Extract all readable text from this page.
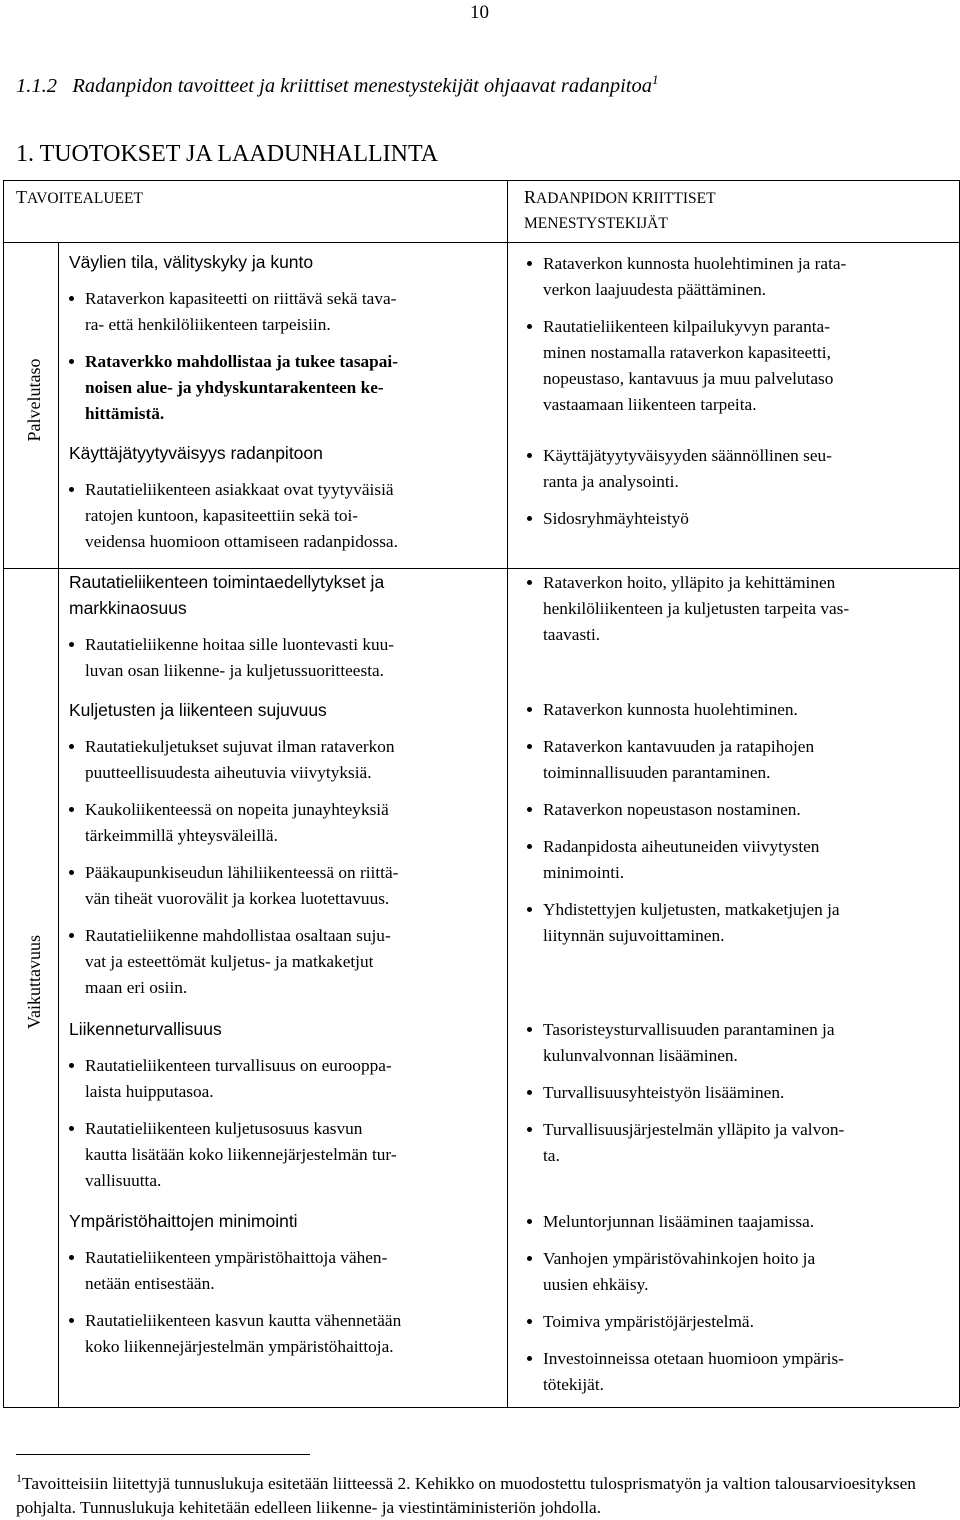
10
1.1.2 Radanpidon tavoitteet ja kriittiset menestystekijät ohjaavat radanpitoa$^1$
1. TUOTOKSET JA LAADUNHALLINTA
TAVOITEALUEET	RADANPIDON KRIITTISET
MENESTYSTEKIJÄT
Palvelutaso
Vaikuttavuus
Väylien tila, välityskyky ja kunto
Rataverkon kapasiteetti on riittävä sekä tava-
ra- että henkilöliikenteen tarpeisiin.
Rataverkko mahdollistaa ja tukee tasapai-
noisen alue- ja yhdyskuntarakenteen ke-
hittämistä.
Käyttäjätyytyväisyys radanpitoon
Rautatieliikenteen asiakkaat ovat tyytyväisiä
ratojen kuntoon, kapasiteettiin sekä toi-
veidensa huomioon ottamiseen radanpidossa.
Rautatieliikenteen toimintaedellytykset ja
markkinaosuus
Rautatieliikenne hoitaa sille luontevasti kuu-
luvan osan liikenne- ja kuljetussuoritteesta.
Kuljetusten ja liikenteen sujuvuus
Rautatiekuljetukset sujuvat ilman rataverkon
puutteellisuudesta aiheutuvia viivytyksiä.
Kaukoliikenteessä on nopeita junayhteyksiä
tärkeimmillä yhteysväleillä.
Pääkaupunkiseudun lähiliikenteessä on riittä-
vän tiheät vuorovälit ja korkea luotettavuus.
Rautatieliikenne mahdollistaa osaltaan suju-
vat ja esteettömät kuljetus- ja matkaketjut
maan eri osiin.
Liikenneturvallisuus
Rautatieliikenteen turvallisuus on eurooppa-
laista huipputasoa.
Rautatieliikenteen kuljetusosuus kasvun
kautta lisätään koko liikennejärjestelmän tur-
vallisuutta.
Ympäristöhaittojen minimointi
Rautatieliikenteen ympäristöhaittoja vähen-
netään entisestään.
Rautatieliikenteen kasvun kautta vähennetään
koko liikennejärjestelmän ympäristöhaittoja.
Rataverkon kunnosta huolehtiminen ja rata-
verkon laajuudesta päättäminen.
Rautatieliikenteen kilpailukyvyn paranta-
minen nostamalla rataverkon kapasiteetti,
nopeustaso, kantavuus ja muu palvelutaso
vastaamaan liikenteen tarpeita.
Käyttäjätyytyväisyyden säännöllinen seu-
ranta ja analysointi.
Sidosryhmäyhteistyö
Rataverkon hoito, ylläpito ja kehittäminen
henkilöliikenteen ja kuljetusten tarpeita vas-
taavasti.
Rataverkon kunnosta huolehtiminen.
Rataverkon kantavuuden ja ratapihojen
toiminnallisuuden parantaminen.
Rataverkon nopeustason nostaminen.
Radanpidosta aiheutuneiden viivytysten
minimointi.
Yhdistettyjen kuljetusten, matkaketjujen ja
liitynnän sujuvoittaminen.
Tasoristeysturvallisuuden parantaminen ja
kulunvalvonnan lisääminen.
Turvallisuusyhteistyön lisääminen.
Turvallisuusjärjestelmän ylläpito ja valvon-
ta.
Meluntorjunnan lisääminen taajamissa.
Vanhojen ympäristövahinkojen hoito ja
uusien ehkäisy.
Toimiva ympäristöjärjestelmä.
Investoinneissa otetaan huomioon ympäris-
tötekijät.
$^1$Tavoitteisiin liitettyjä tunnuslukuja esitetään liitteessä 2. Kehikko on muodostettu tulosprismatyön ja valtion talousarvioesityksen pohjalta. Tunnuslukuja kehitetään edelleen liikenne- ja viestintäministeriön johdolla.
